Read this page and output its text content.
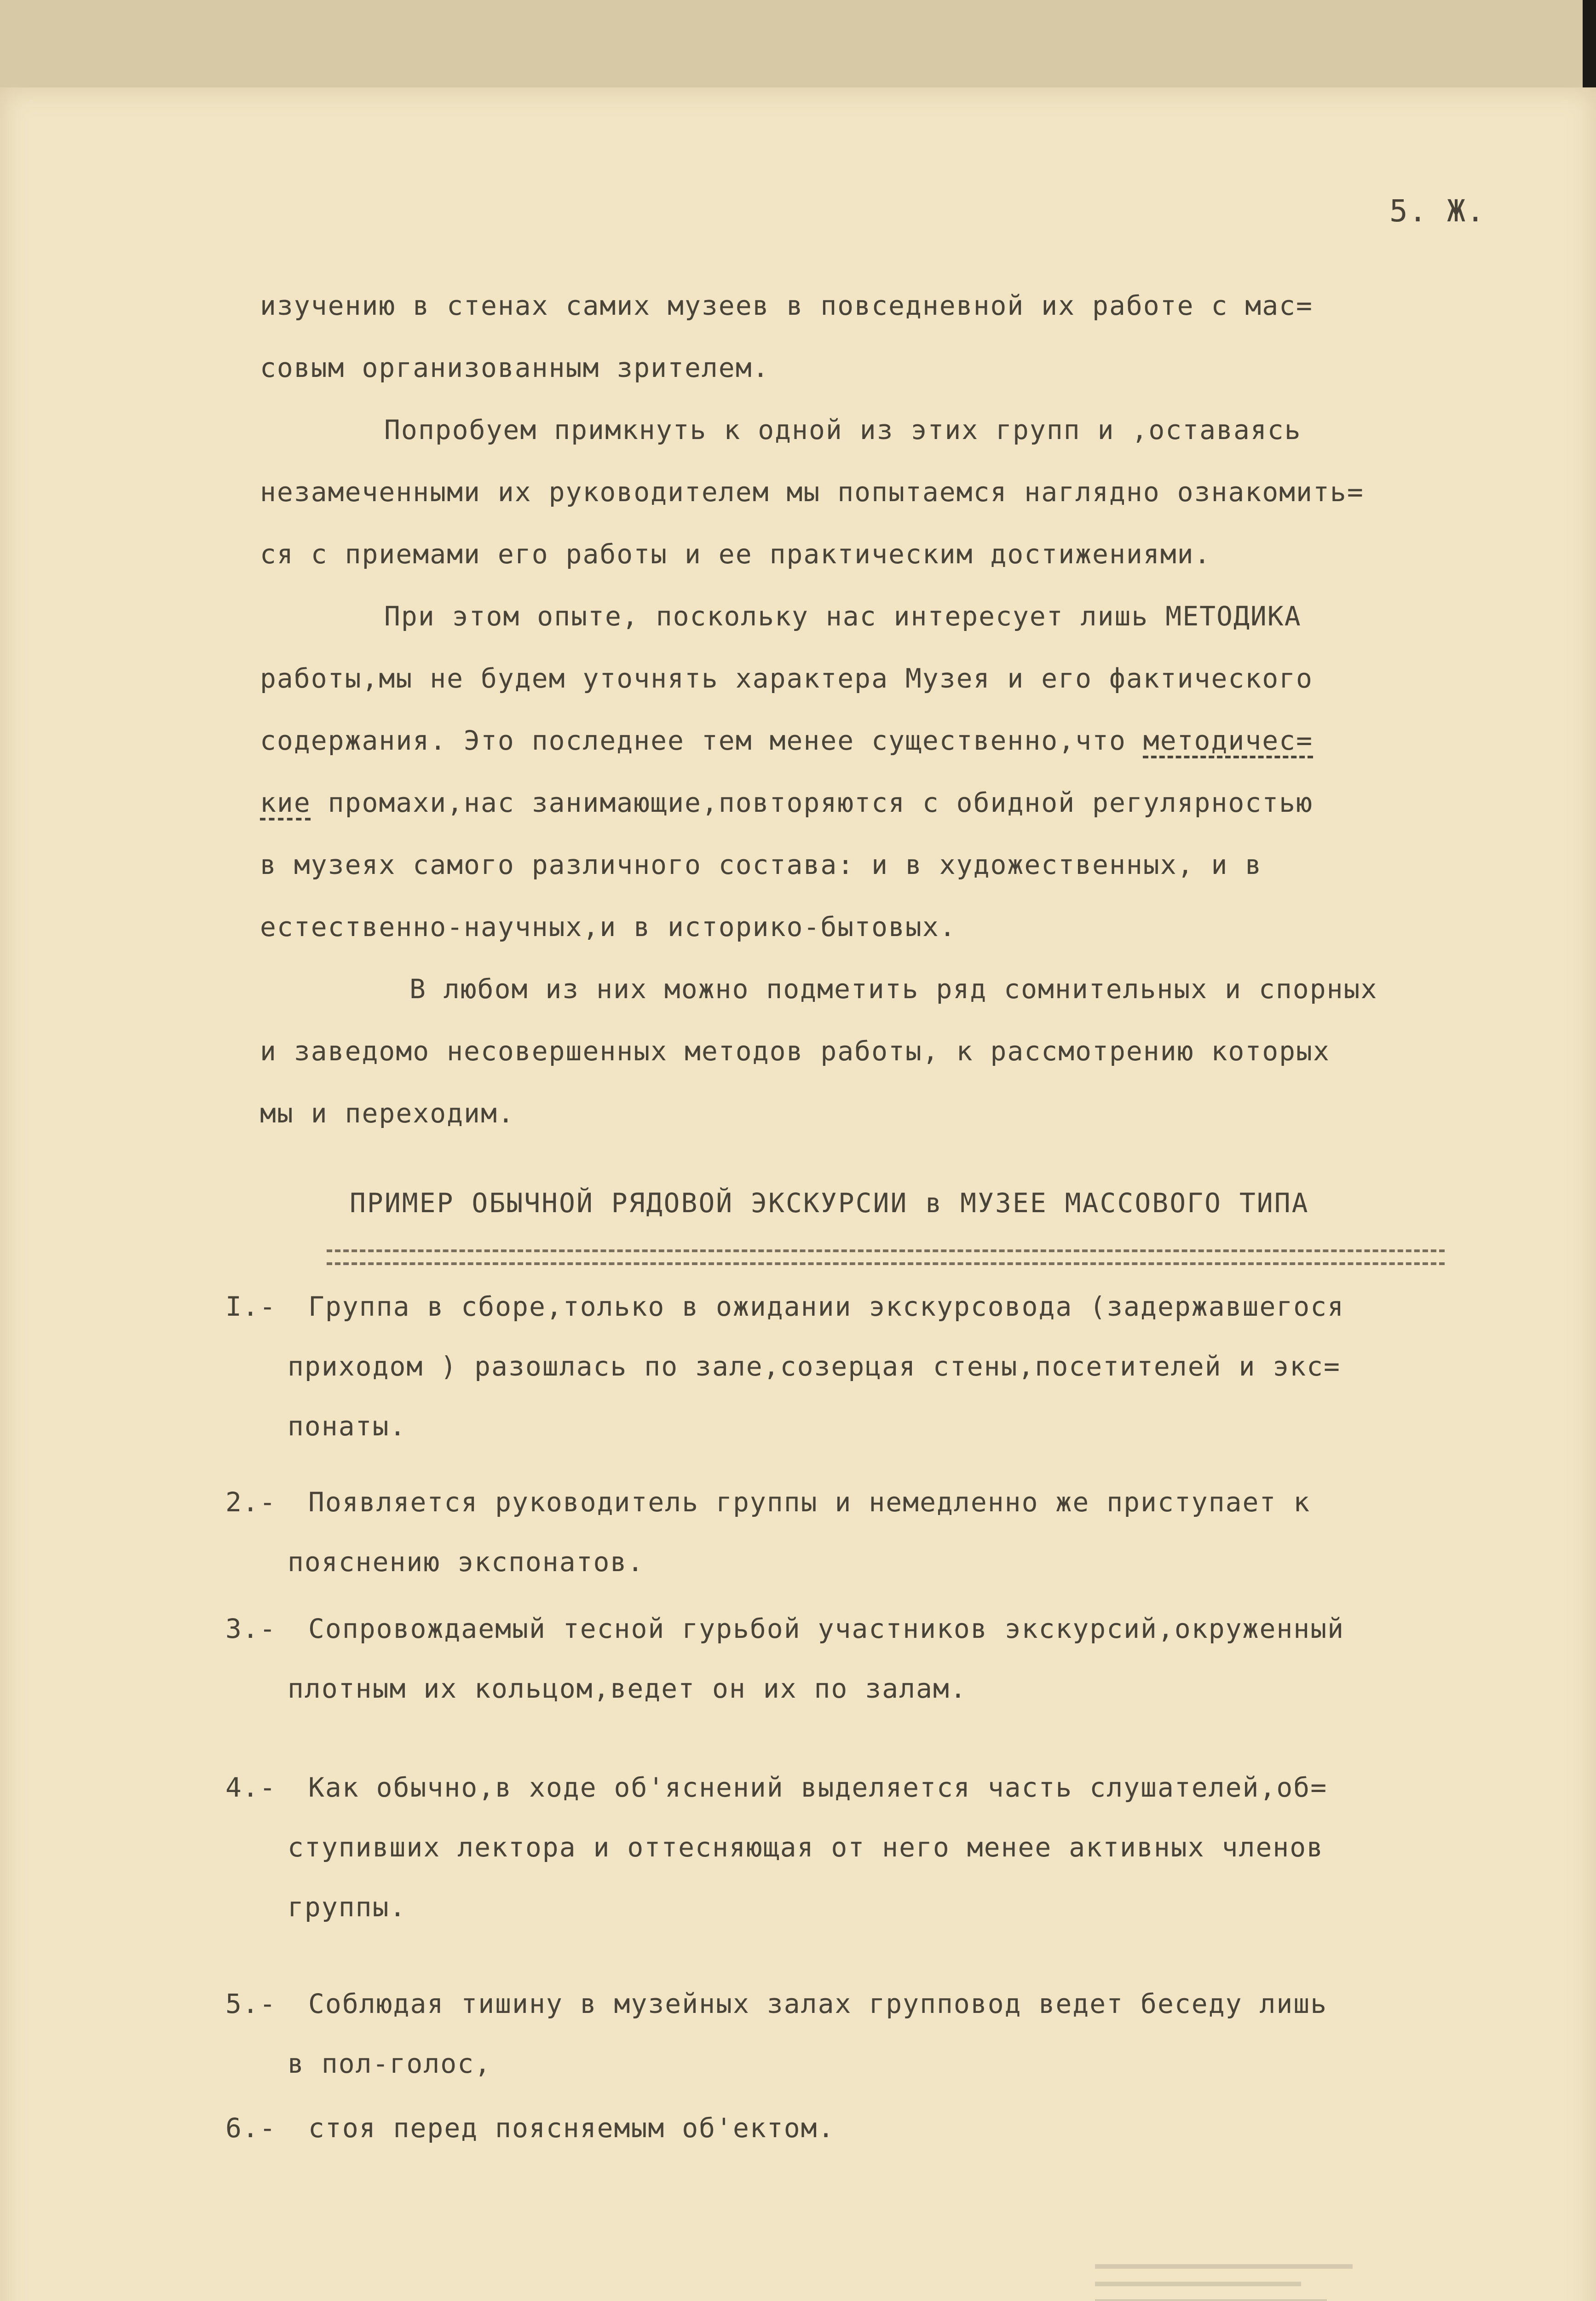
5. Ж.
изучению в стенах самих музеев в повседневной их работе с мас=
совым организованным зрителем.
Попробуем примкнуть к одной из этих групп и ,оставаясь
незамеченными их руководителем мы попытаемся наглядно ознакомить=
ся с приемами его работы и ее практическим достижениями.
При этом опыте, поскольку нас интересует лишь МЕТОДИКА
работы,мы не будем уточнять характера Музея и его фактического
содержания. Это последнее тем менее существенно,что методичес=
кие промахи,нас занимающие,повторяются с обидной регулярностью
в музеях самого различного состава: и в художественных, и в
естественно-научных,и в историко-бытовых.
В любом из них можно подметить ряд сомнительных и спорных
и заведомо несовершенных методов работы, к рассмотрению которых
мы и переходим.
ПРИМЕР ОБЫЧНОЙ РЯДОВОЙ ЭКСКУРСИИ в МУЗЕЕ МАССОВОГО ТИПА
I.- Группа в сборе,только в ожидании экскурсовода (задержавшегося
приходом ) разошлась по зале,созерцая стены,посетителей и экс=
понаты.
2.- Появляется руководитель группы и немедленно же приступает к
пояснению экспонатов.
3.- Сопровождаемый тесной гурьбой участников экскурсий,окруженный
плотным их кольцом,ведет он их по залам.
4.- Как обычно,в ходе об'яснений выделяется часть слушателей,об=
ступивших лектора и оттесняющая от него менее активных членов
группы.
5.- Соблюдая тишину в музейных залах групповод ведет беседу лишь
в пол-голос,
6.- стоя перед поясняемым об'ектом.
